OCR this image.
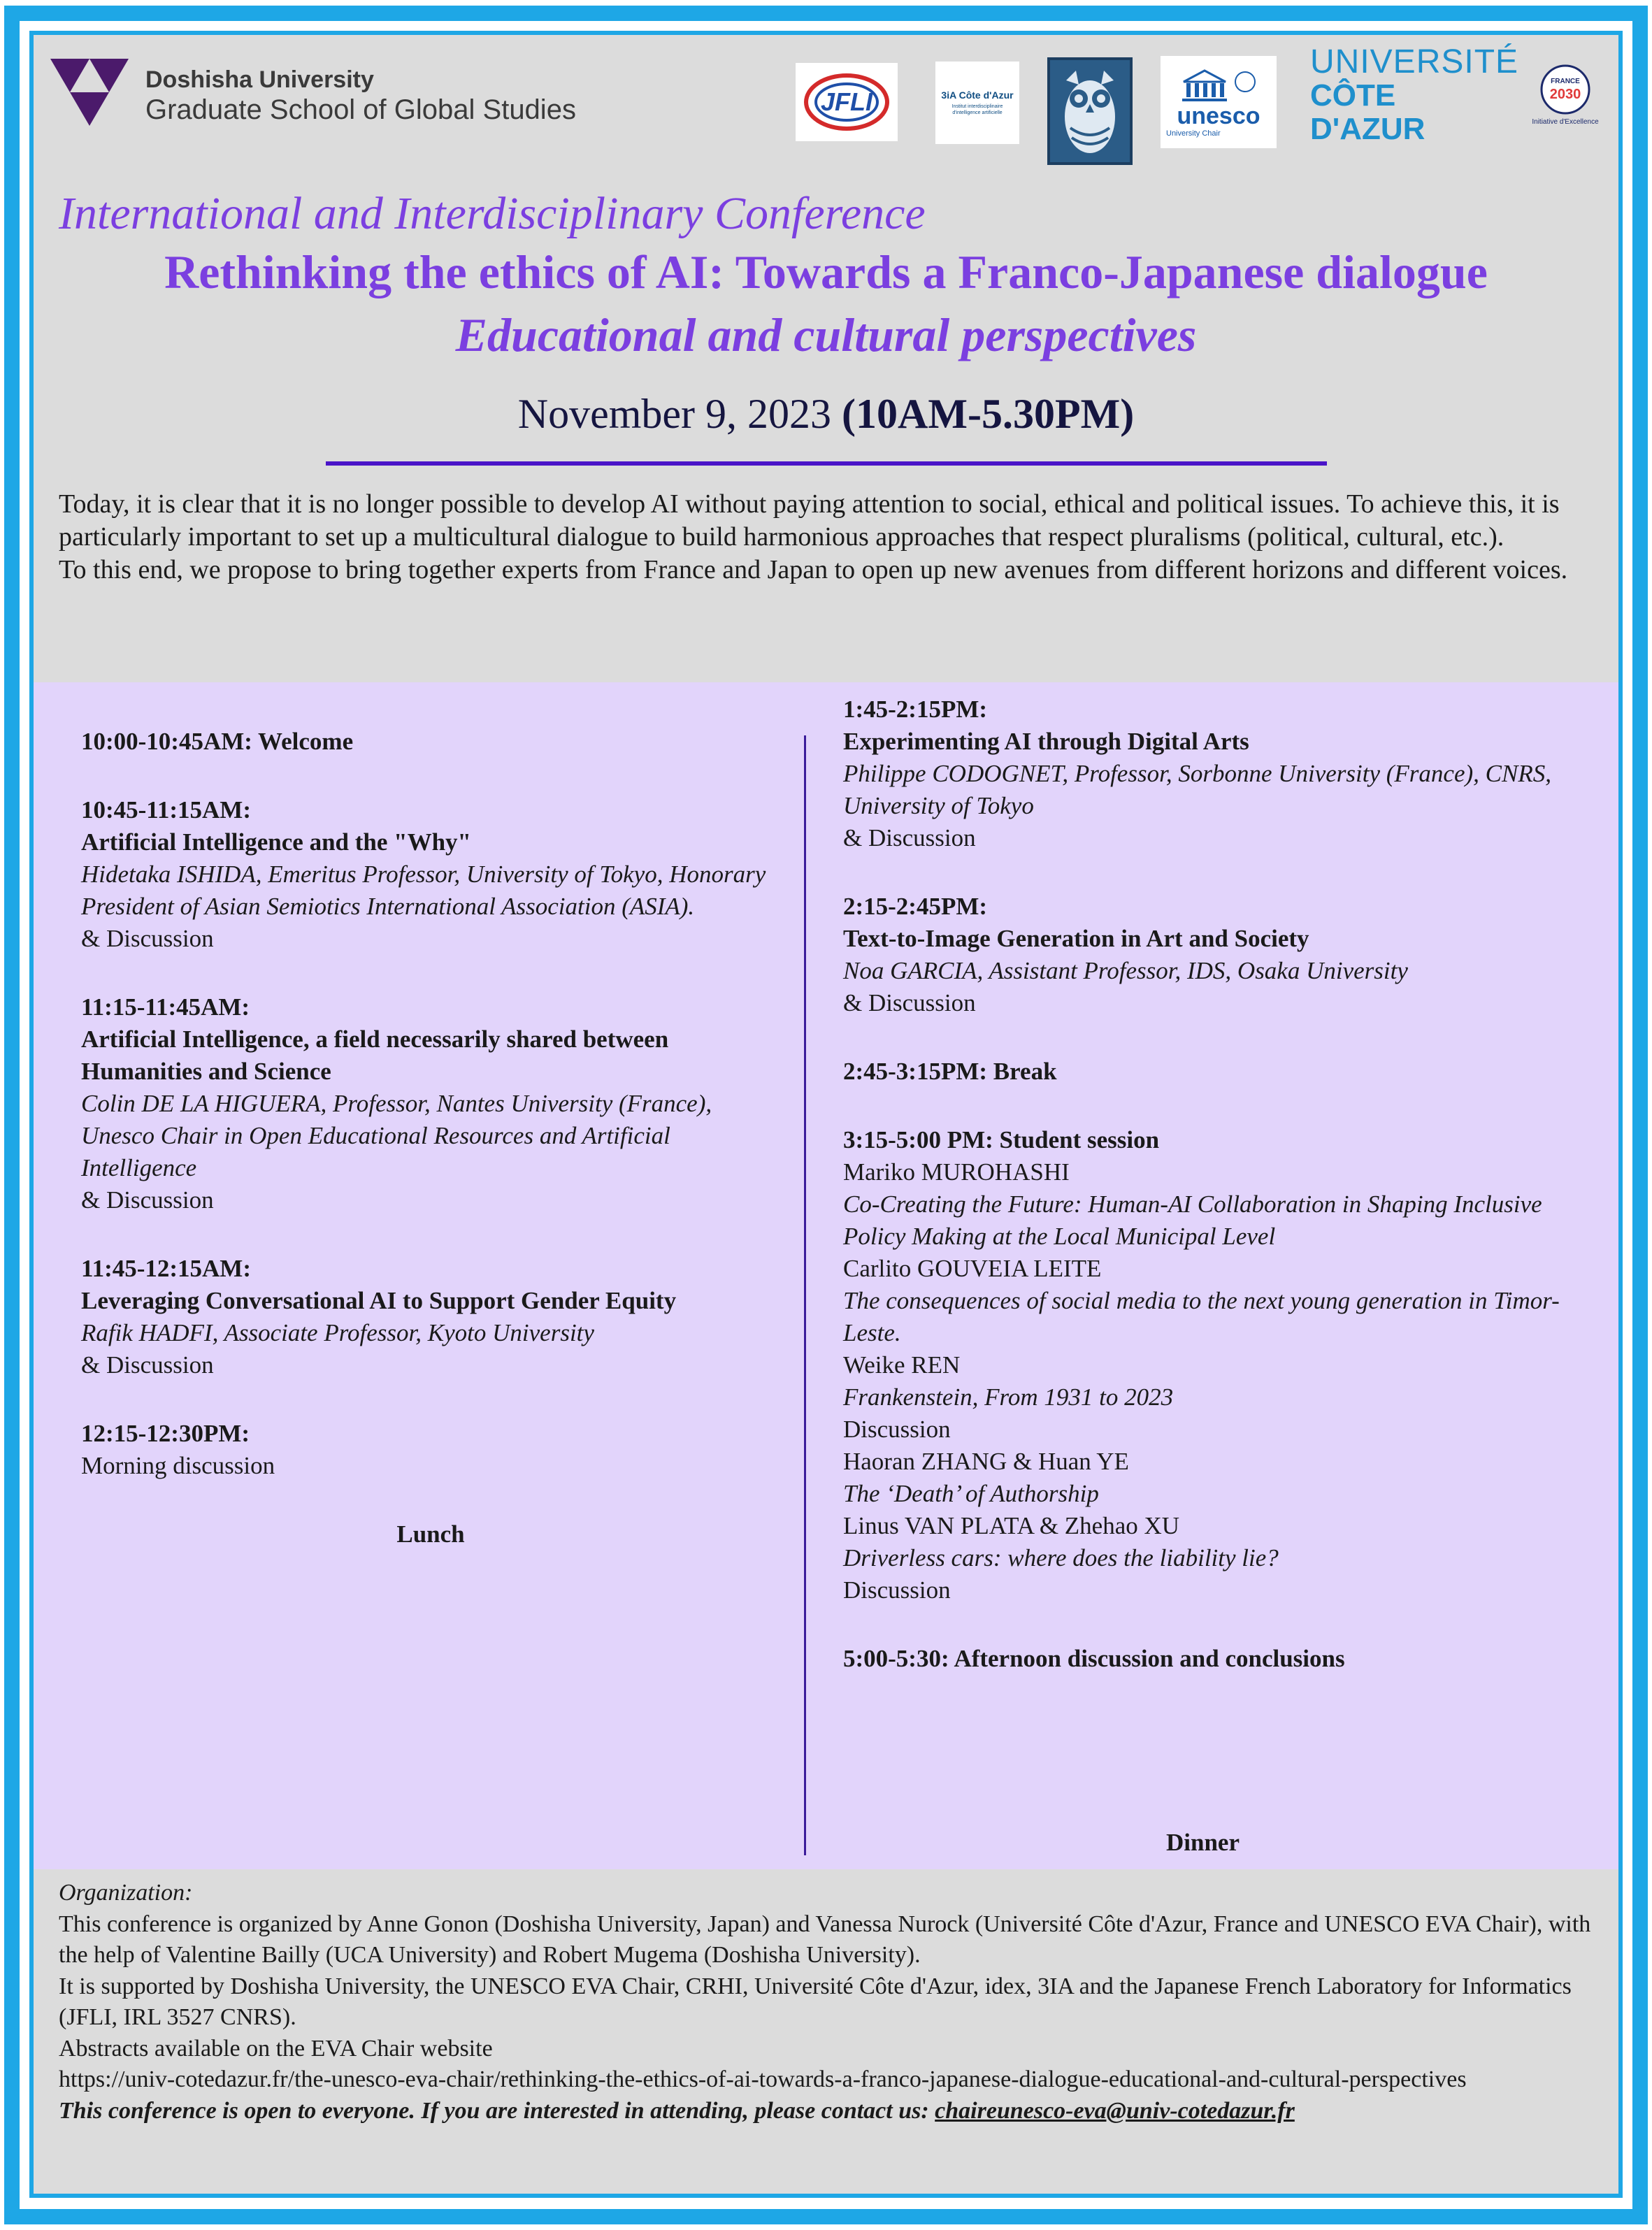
Doshisha University
Graduate School of Global Studies	JFLI	3iA Côte d'Azur
Institut interdisciplinaire d'intelligence artificielle	unesco
University Chair
UNIVERSITÉ
CÔTE D'AZUR
FRANCE
2030
Initiative d'Excellence
International and Interdisciplinary Conference
Rethinking the ethics of AI: Towards a Franco-Japanese dialogue
Educational and cultural perspectives
November 9, 2023 (10AM-5.30PM)

Today, it is clear that it is no longer possible to develop AI without paying attention to social, ethical and political issues. To achieve this, it is particularly important to set up a multicultural dialogue to build harmonious approaches that respect pluralisms (political, cultural, etc.).

To this end, we propose to bring together experts from France and Japan to open up new avenues from different horizons and different voices.

10:00-10:45AM: Welcome
10:45-11:15AM:
Artificial Intelligence and the "Why"
Hidetaka ISHIDA, Emeritus Professor, University of Tokyo, Honorary President of Asian Semiotics International Association (ASIA).
& Discussion
11:15-11:45AM:
Artificial Intelligence, a field necessarily shared between Humanities and Science
Colin DE LA HIGUERA, Professor, Nantes University (France), Unesco Chair in Open Educational Resources and Artificial Intelligence
& Discussion
11:45-12:15AM:
Leveraging Conversational AI to Support Gender Equity
Rafik HADFI, Associate Professor, Kyoto University
& Discussion
12:15-12:30PM:
Morning discussion
Lunch
1:45-2:15PM:
Experimenting AI through Digital Arts
Philippe CODOGNET, Professor, Sorbonne University (France), CNRS, University of Tokyo
& Discussion
2:15-2:45PM:
Text-to-Image Generation in Art and Society
Noa GARCIA, Assistant Professor, IDS, Osaka University
& Discussion
2:45-3:15PM: Break
3:15-5:00 PM: Student session
Mariko MUROHASHI
Co-Creating the Future: Human-AI Collaboration in Shaping Inclusive Policy Making at the Local Municipal Level
Carlito GOUVEIA LEITE
The consequences of social media to the next young generation in Timor-Leste.
Weike REN
Frankenstein, From 1931 to 2023
Discussion
Haoran ZHANG & Huan YE
The ‘Death’ of Authorship
Linus VAN PLATA & Zhehao XU
Driverless cars: where does the liability lie?
Discussion
5:00-5:30: Afternoon discussion and conclusions
Dinner
Organization:
This conference is organized by Anne Gonon (Doshisha University, Japan) and Vanessa Nurock (Université Côte d'Azur, France and UNESCO EVA Chair), with the help of Valentine Bailly (UCA University) and Robert Mugema (Doshisha University).
It is supported by Doshisha University, the UNESCO EVA Chair, CRHI, Université Côte d'Azur, idex, 3IA and the Japanese French Laboratory for Informatics (JFLI, IRL 3527 CNRS).
Abstracts available on the EVA Chair website
https://univ-cotedazur.fr/the-unesco-eva-chair/rethinking-the-ethics-of-ai-towards-a-franco-japanese-dialogue-educational-and-cultural-perspectives
This conference is open to everyone. If you are interested in attending, please contact us: chaireunesco-eva@univ-cotedazur.fr
